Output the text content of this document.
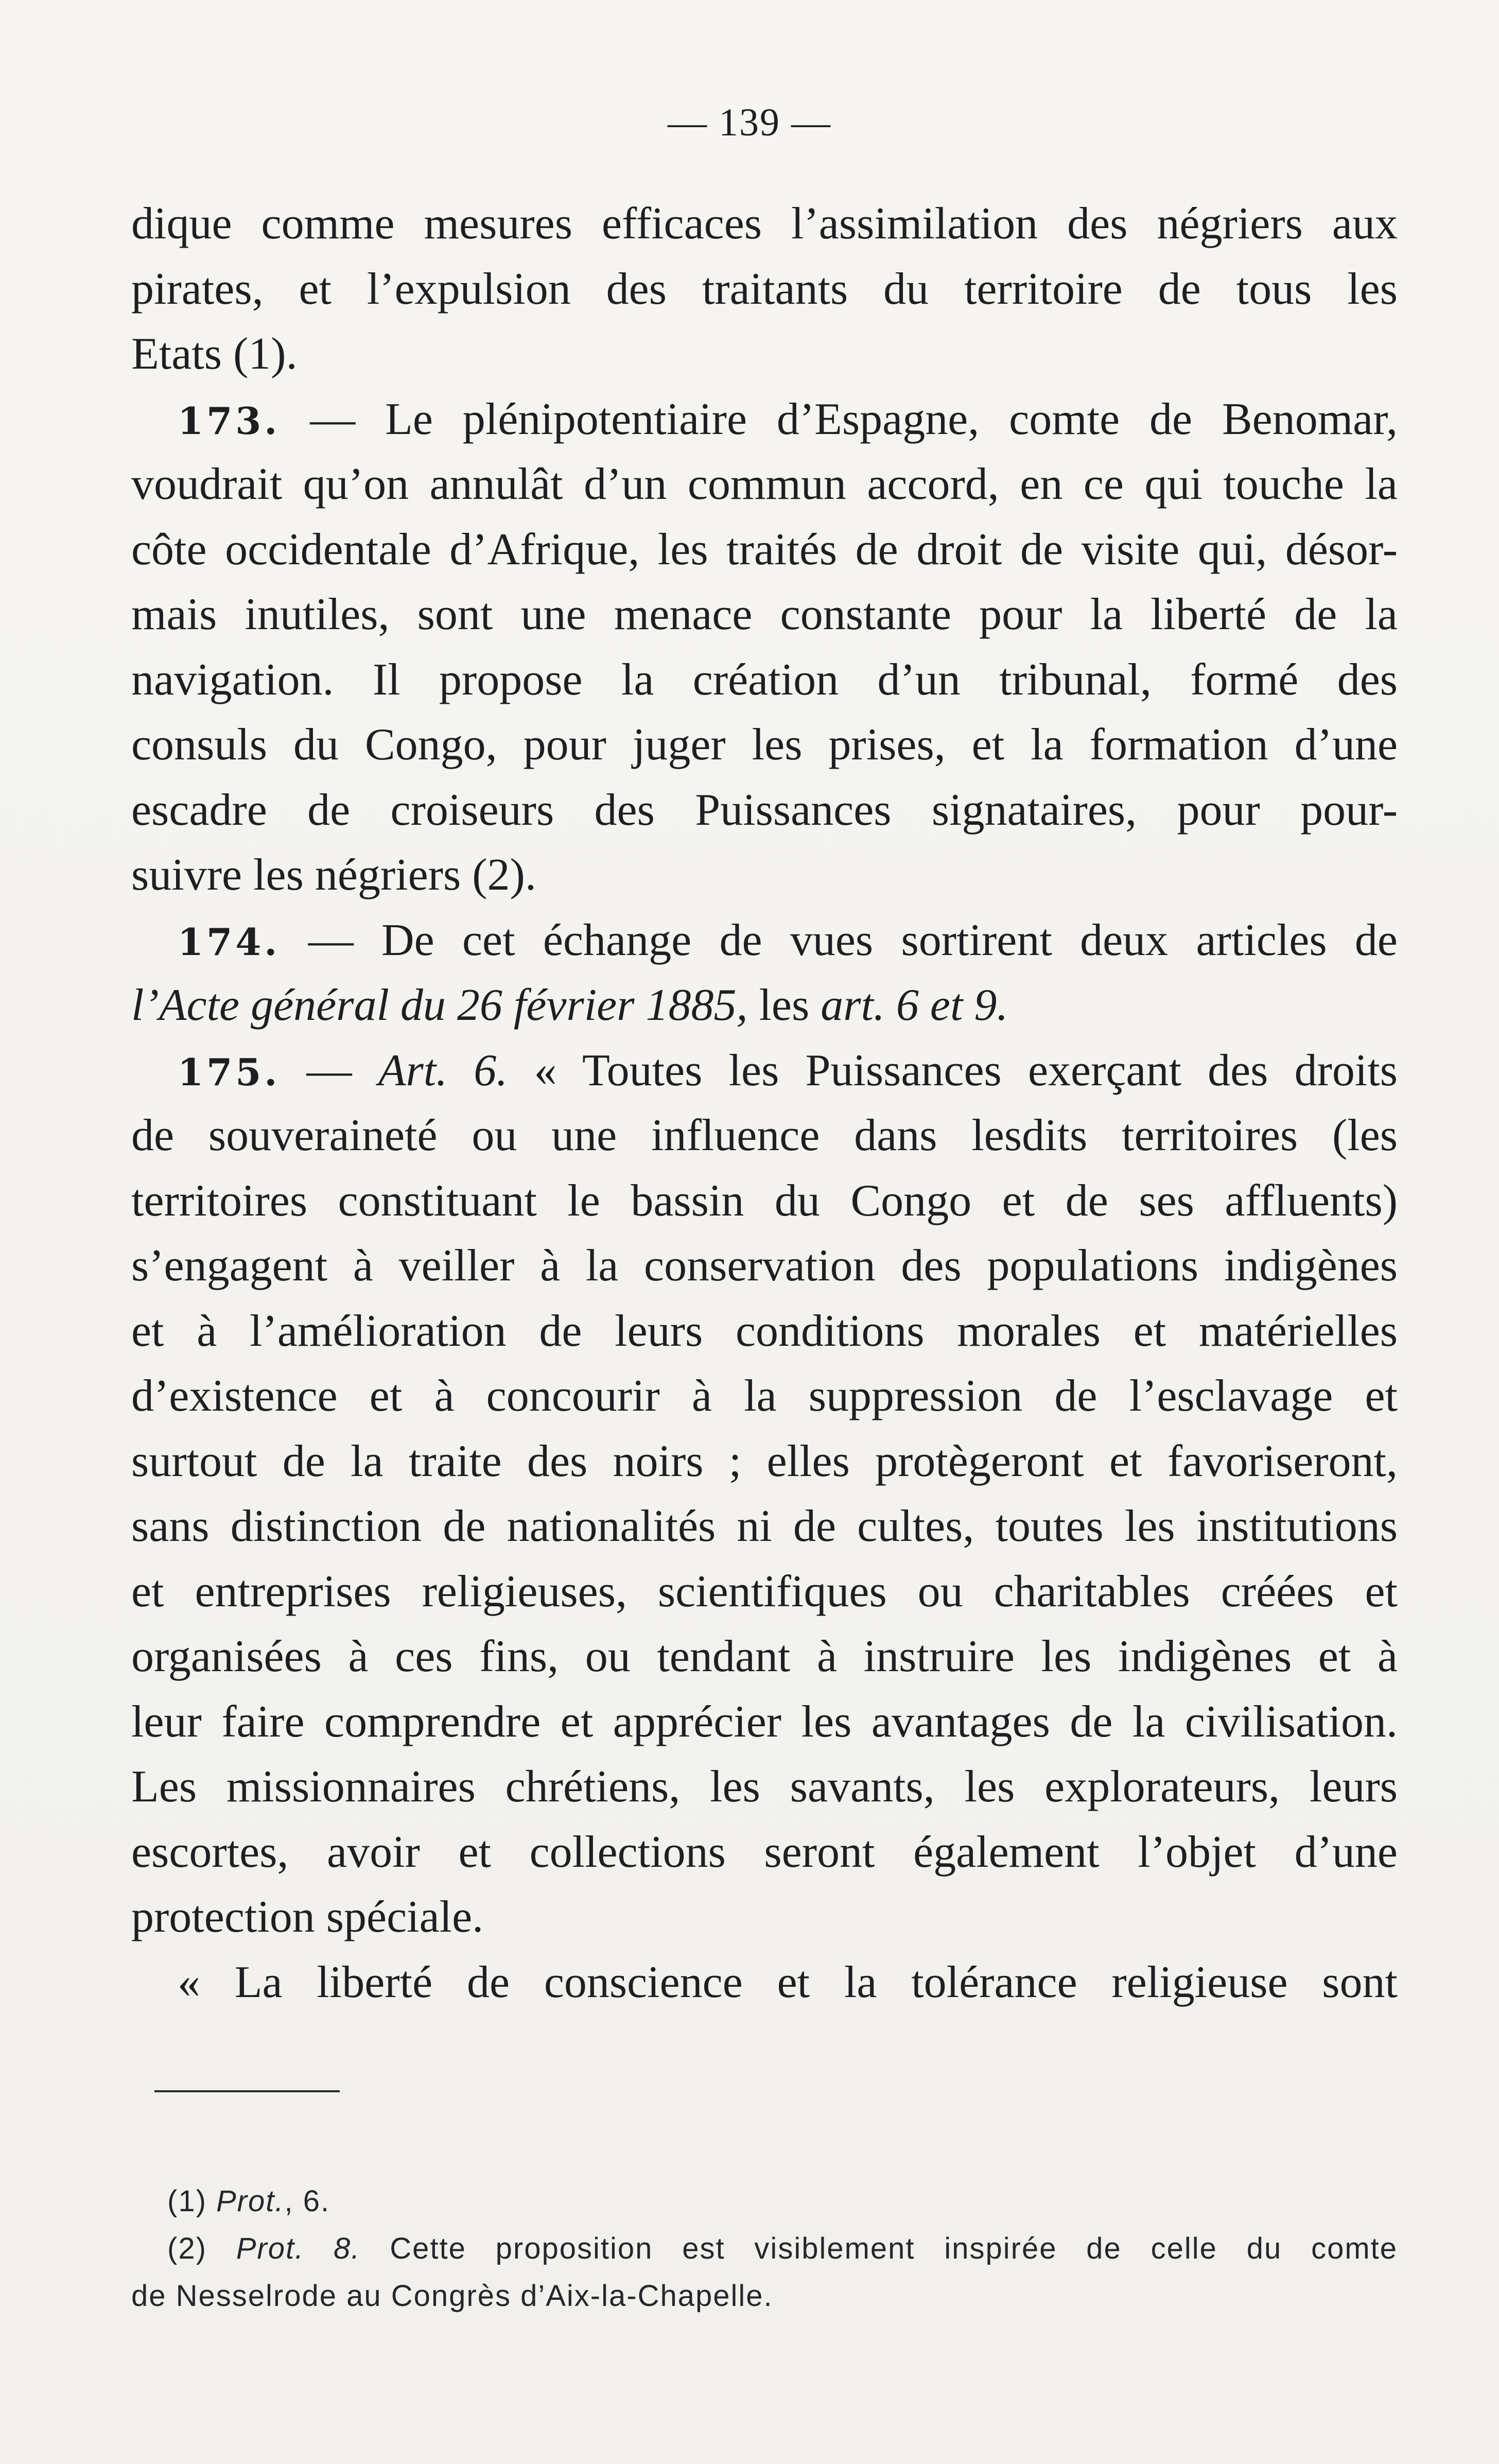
— 139 —
dique comme mesures efficaces l’assimilation des négriers aux
pirates, et l’expulsion des traitants du territoire de tous les
Etats (1).
173. — Le plénipotentiaire d’Espagne, comte de Benomar,
voudrait qu’on annulât d’un commun accord, en ce qui touche la
côte occidentale d’Afrique, les traités de droit de visite qui, désor-
mais inutiles, sont une menace constante pour la liberté de la
navigation. Il propose la création d’un tribunal, formé des
consuls du Congo, pour juger les prises, et la formation d’une
escadre de croiseurs des Puissances signataires, pour pour-
suivre les négriers (2).
174. — De cet échange de vues sortirent deux articles de
l’Acte général du 26 février 1885, les art. 6 et 9.
175. — Art. 6. « Toutes les Puissances exerçant des droits
de souveraineté ou une influence dans lesdits territoires (les
territoires constituant le bassin du Congo et de ses affluents)
s’engagent à veiller à la conservation des populations indigènes
et à l’amélioration de leurs conditions morales et matérielles
d’existence et à concourir à la suppression de l’esclavage et
surtout de la traite des noirs ; elles protègeront et favoriseront,
sans distinction de nationalités ni de cultes, toutes les institutions
et entreprises religieuses, scientifiques ou charitables créées et
organisées à ces fins, ou tendant à instruire les indigènes et à
leur faire comprendre et apprécier les avantages de la civilisation.
Les missionnaires chrétiens, les savants, les explorateurs, leurs
escortes, avoir et collections seront également l’objet d’une
protection spéciale.
« La liberté de conscience et la tolérance religieuse sont
(1) Prot., 6.
(2) Prot. 8. Cette proposition est visiblement inspirée de celle du comte
de Nesselrode au Congrès d’Aix-la-Chapelle.
